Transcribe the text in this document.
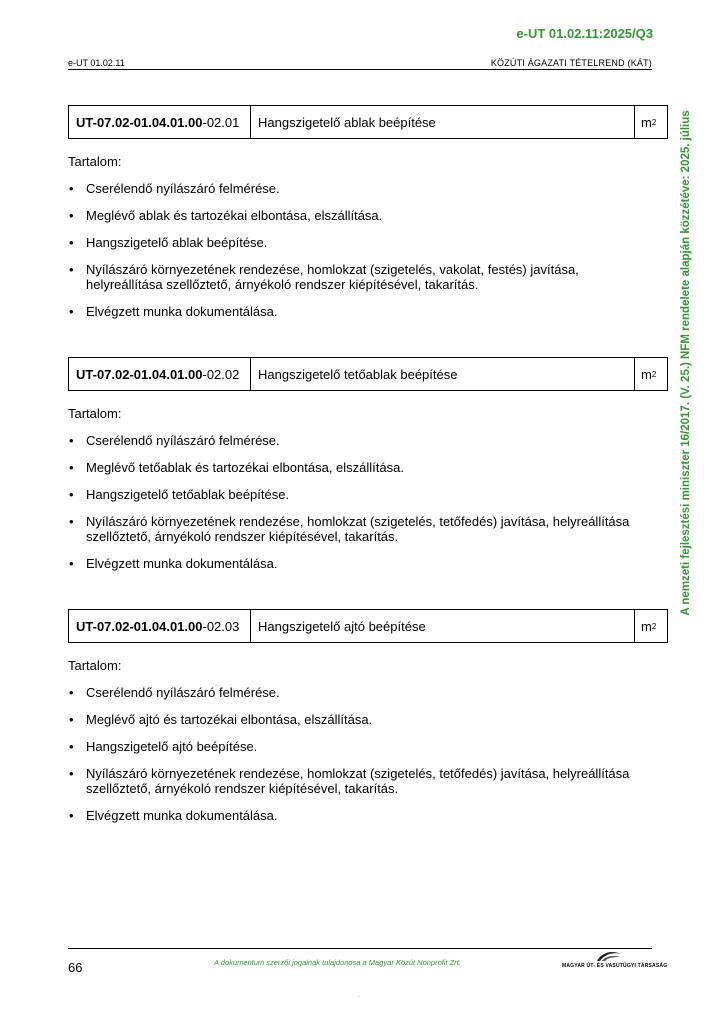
e-UT 01.02.11:2025/Q3
e-UT 01.02.11	KÖZÚTI ÁGAZATI TÉTELREND (KÁT)
A nemzeti fejlesztési miniszter 16/2017. (V. 25.) NFM rendelete alapján közzétéve: 2025. július
UT-07.02-01.04.01.00 -02.01	Hangszigetelő ablak beépítése	m 2
Tartalom:
• Cserélendő nyílászáró felmérése.
• Meglévő ablak és tartozékai elbontása, elszállítása.
• Hangszigetelő ablak beépítése.
• Nyílászáró környezetének rendezése, homlokzat (szigetelés, vakolat, festés) javítása, helyreállítása szellőztető, árnyékoló rendszer kiépítésével, takarítás.
• Elvégzett munka dokumentálása.
UT-07.02-01.04.01.00 -02.02	Hangszigetelő tetőablak beépítése	m 2
Tartalom:
• Cserélendő nyílászáró felmérése.
• Meglévő tetőablak és tartozékai elbontása, elszállítása.
• Hangszigetelő tetőablak beépítése.
• Nyílászáró környezetének rendezése, homlokzat (szigetelés, tetőfedés) javítása, helyreállítása szellőztető, árnyékoló rendszer kiépítésével, takarítás.
• Elvégzett munka dokumentálása.
UT-07.02-01.04.01.00 -02.03	Hangszigetelő ajtó beépítése	m 2
Tartalom:
• Cserélendő nyílászáró felmérése.
• Meglévő ajtó és tartozékai elbontása, elszállítása.
• Hangszigetelő ajtó beépítése.
• Nyílászáró környezetének rendezése, homlokzat (szigetelés, tetőfedés) javítása, helyreállítása szellőztető, árnyékoló rendszer kiépítésével, takarítás.
• Elvégzett munka dokumentálása.
66	A dokumentum szerzői jogainak tulajdonosa a Magyar Közút Nonprofit Zrt.	MAGYAR ÚT- ÉS VASÚTÜGYI TÁRSASÁG
.
